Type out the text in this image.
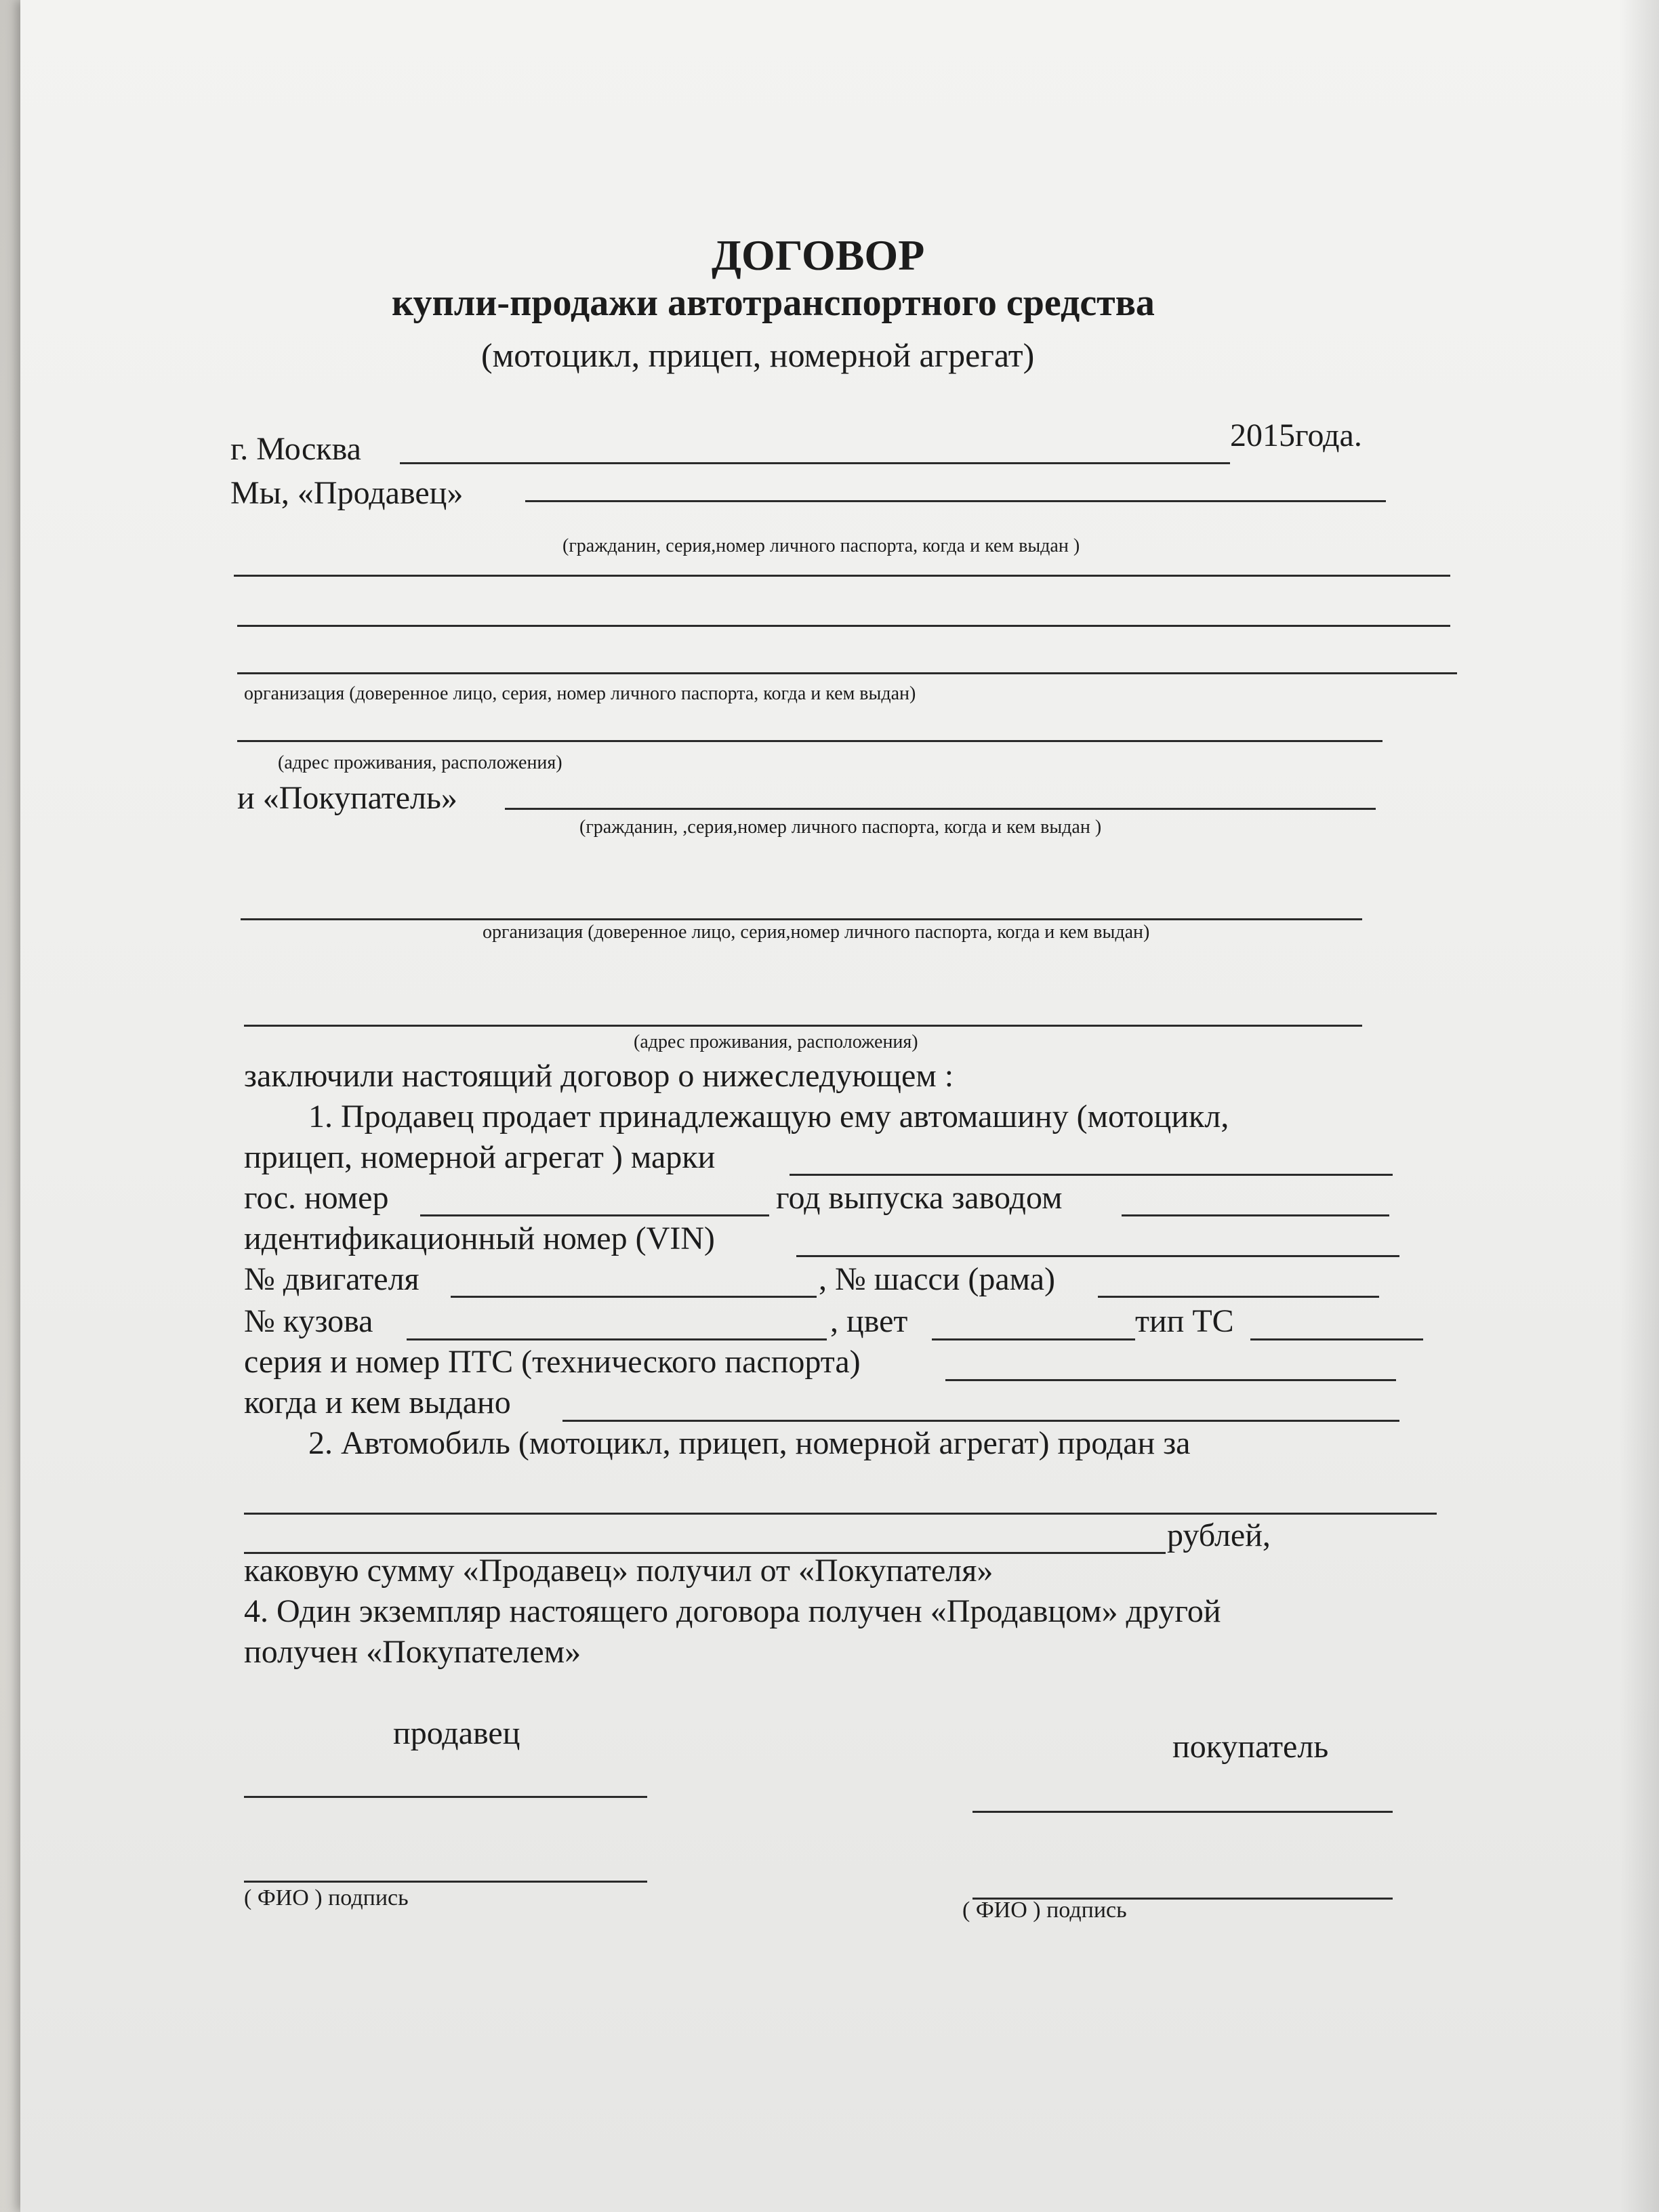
ДОГОВОР
купли-продажи автотранспортного средства
(мотоцикл, прицеп, номерной агрегат)
г. Москва	2015года.
Мы, «Продавец»
(гражданин, серия,номер личного паспорта, когда и кем выдан )
организация (доверенное лицо, серия, номер личного паспорта, когда и кем выдан)
(адрес проживания, расположения)
и «Покупатель»
(гражданин, ,серия,номер личного паспорта, когда и кем выдан )
организация (доверенное лицо, серия,номер личного паспорта, когда и кем выдан)
(адрес проживания, расположения)
заключили настоящий договор о нижеследующем :
1. Продавец продает принадлежащую ему автомашину (мотоцикл,
прицеп, номерной агрегат ) марки
гос. номер	год выпуска заводом
идентификационный номер (VIN)
№ двигателя	, № шасси (рама)
№ кузова	, цвет	тип ТС
серия и номер ПТС (технического паспорта)
когда и кем выдано
2. Автомобиль (мотоцикл, прицеп, номерной агрегат) продан за
рублей,
каковую сумму «Продавец» получил от «Покупателя»
4. Один экземпляр настоящего договора получен «Продавцом» другой
получен «Покупателем»
продавец	покупатель
( ФИО ) подпись	( ФИО ) подпись
